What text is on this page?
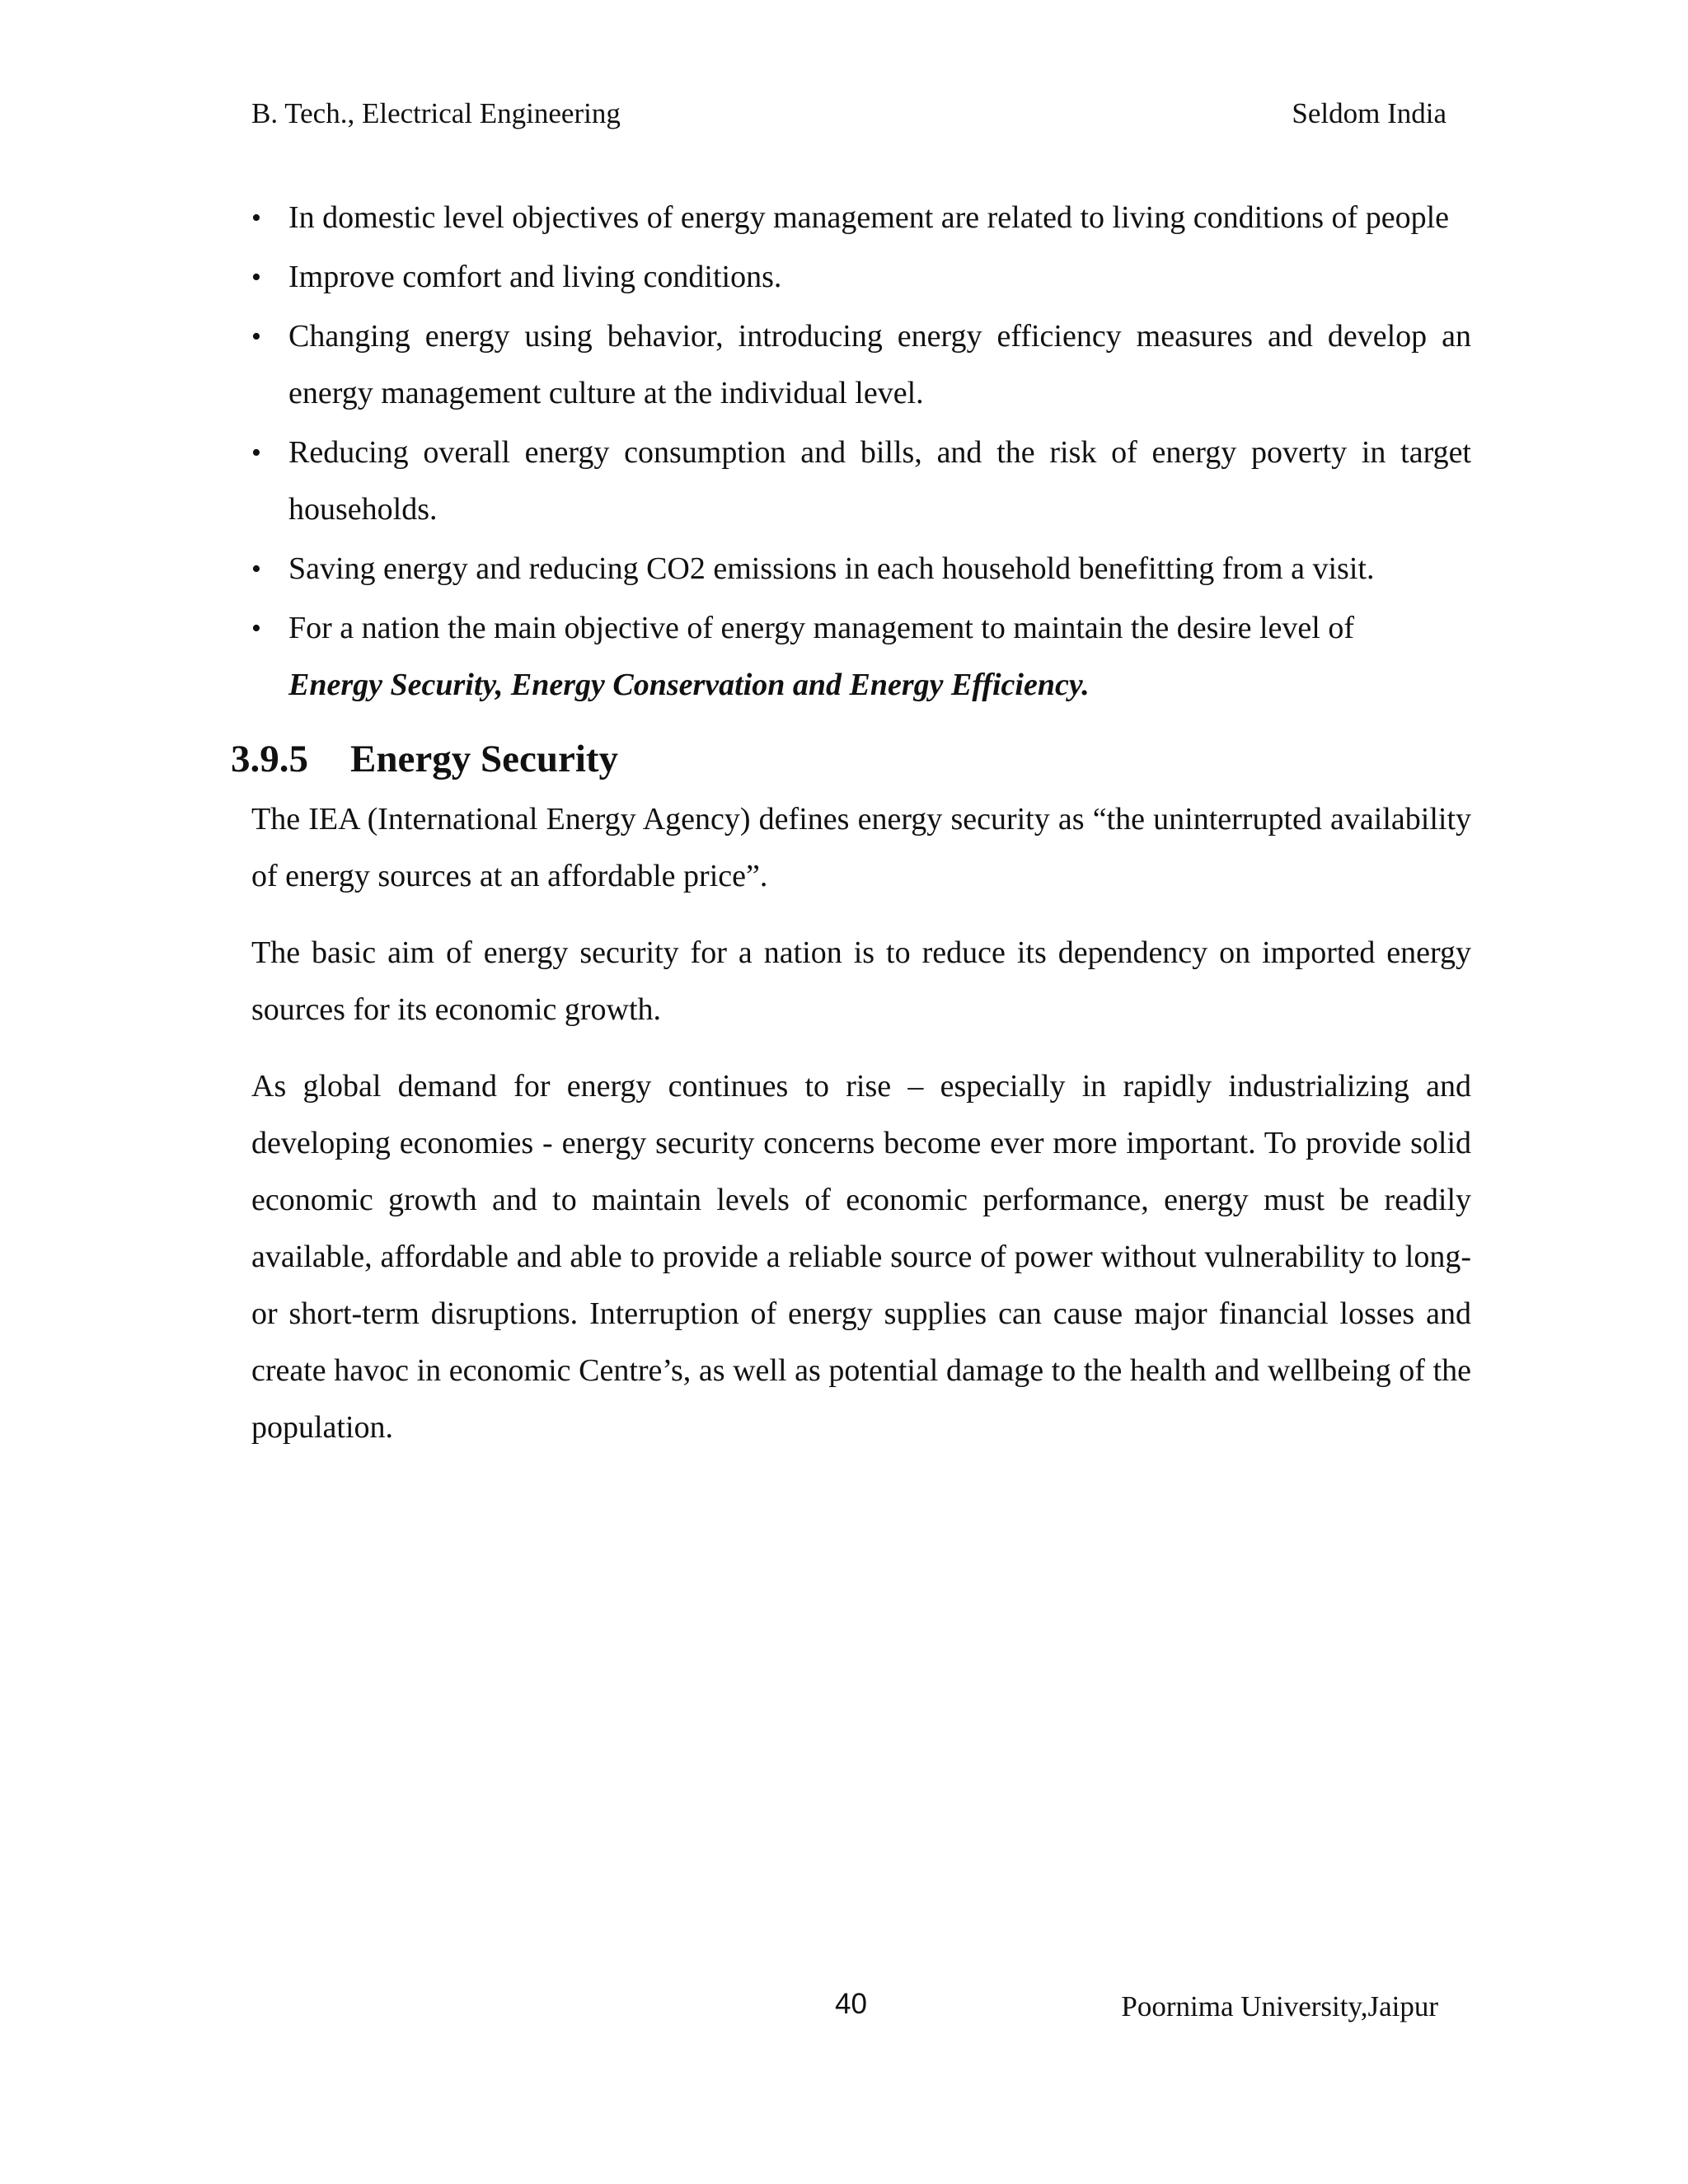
B. Tech., Electrical Engineering	Seldom India
• In domestic level objectives of energy management are related to living conditions of people
• Improve comfort and living conditions.
• Changing energy using behavior, introducing energy efficiency measures and develop an energy management culture at the individual level.
• Reducing overall energy consumption and bills, and the risk of energy poverty in target households.
• Saving energy and reducing CO2 emissions in each household benefitting from a visit.
• For a nation the main objective of energy management to maintain the desire level of
Energy Security, Energy Conservation and Energy Efficiency.
3.9.5 Energy Security

The IEA (International Energy Agency) defines energy security as “the uninterrupted availability of energy sources at an affordable price”.

The basic aim of energy security for a nation is to reduce its dependency on imported energy sources for its economic growth.

As global demand for energy continues to rise – especially in rapidly industrializing and developing economies - energy security concerns become ever more important. To provide solid economic growth and to maintain levels of economic performance, energy must be readily available, affordable and able to provide a reliable source of power without vulnerability to long- or short-term disruptions. Interruption of energy supplies can cause major financial losses and create havoc in economic Centre’s, as well as potential damage to the health and wellbeing of the population.

40	Poornima University,Jaipur
